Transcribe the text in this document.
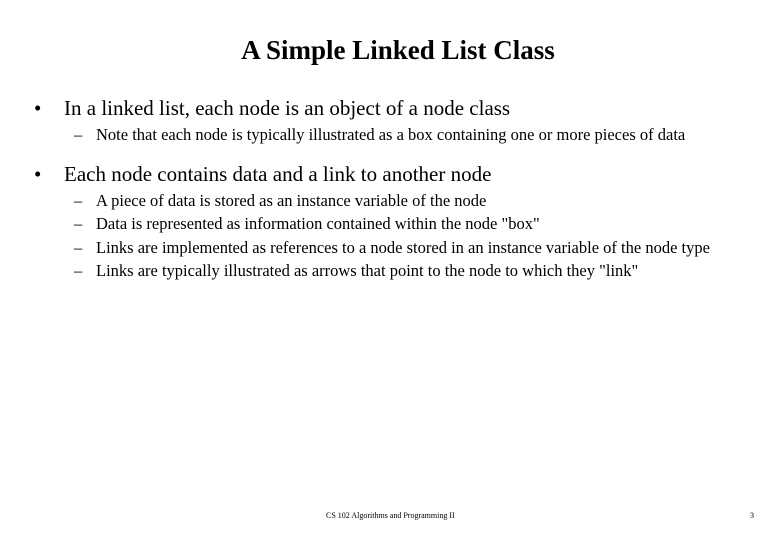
A Simple Linked List Class
•	In a linked list, each node is an object of a node class
– Note that each node is typically illustrated as a box containing one or more pieces of data
•	Each node contains data and a link to another node
– A piece of data is stored as an instance variable of the node
– Data is represented as information contained within the node "box"
– Links are implemented as references to a node stored in an instance variable of the node type
– Links are typically illustrated as arrows that point to the node to which they "link"
CS 102 Algorithms and Programming II	3
